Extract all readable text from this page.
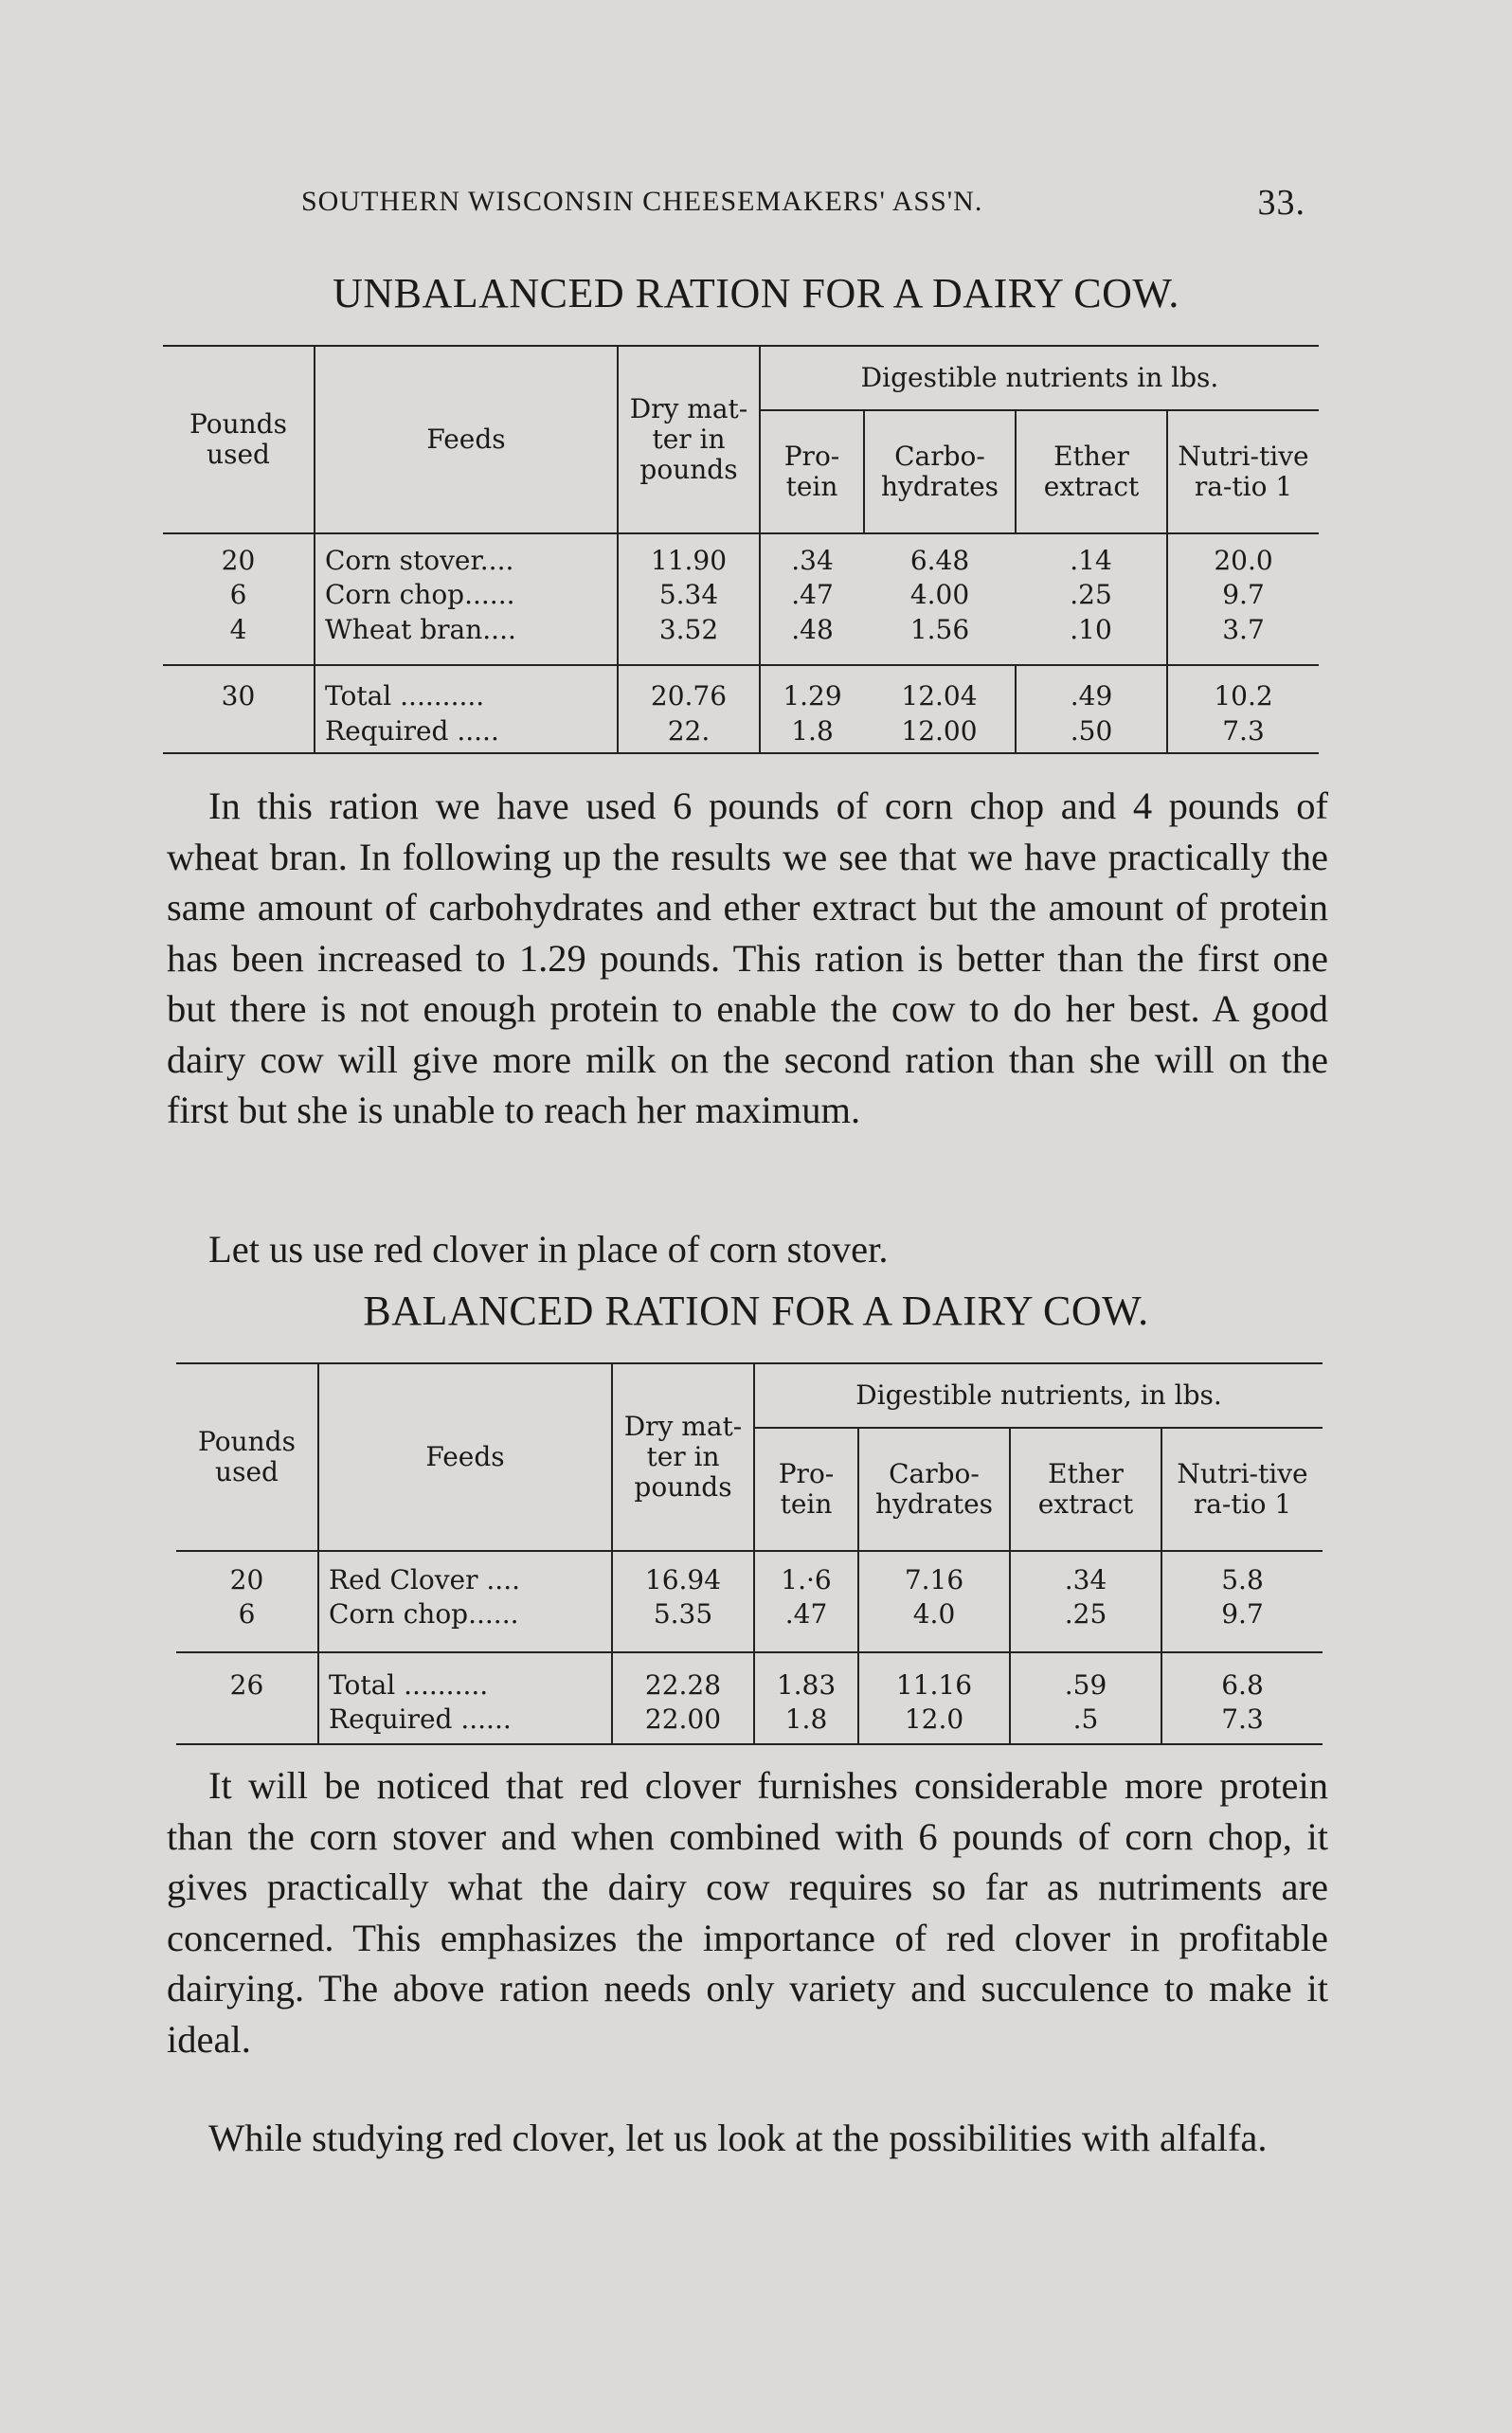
SOUTHERN WISCONSIN CHEESEMAKERS' ASS'N.	33.
UNBALANCED RATION FOR A DAIRY COW.
Pounds used	Feeds	Dry mat-ter in pounds	Digestible nutrients in lbs.			
			Pro-tein	Carbo-hydrates	Ether extract	Nutri-tive ra-tio 1
20	Corn stover....	11.90	.34	6.48	.14	20.0
6	Corn chop......	5.34	.47	4.00	.25	9.7
4	Wheat bran....	3.52	.48	1.56	.10	3.7
30	Total ..........	20.76	1.29	12.04	.49	10.2
	Required .....	22.	1.8	12.00	.50	7.3
In this ration we have used 6 pounds of corn chop and 4 pounds of wheat bran. In following up the results we see that we have practically the same amount of carbohydrates and ether extract but the amount of protein has been increased to 1.29 pounds. This ration is better than the first one but there is not enough protein to enable the cow to do her best. A good dairy cow will give more milk on the second ration than she will on the first but she is unable to reach her maximum.
Let us use red clover in place of corn stover.
BALANCED RATION FOR A DAIRY COW.
Pounds used	Feeds	Dry mat-ter in pounds	Digestible nutrients, in lbs.			
			Pro-tein	Carbo-hydrates	Ether extract	Nutri-tive ra-tio 1
20	Red Clover ....	16.94	1.·6	7.16	.34	5.8
6	Corn chop......	5.35	.47	4.0	.25	9.7
26	Total ..........	22.28	1.83	11.16	.59	6.8
	Required ......	22.00	1.8	12.0	.5	7.3
It will be noticed that red clover furnishes considerable more protein than the corn stover and when combined with 6 pounds of corn chop, it gives practically what the dairy cow requires so far as nutriments are concerned. This emphasizes the importance of red clover in profitable dairying. The above ration needs only variety and succulence to make it ideal.
While studying red clover, let us look at the possibilities with alfalfa.
